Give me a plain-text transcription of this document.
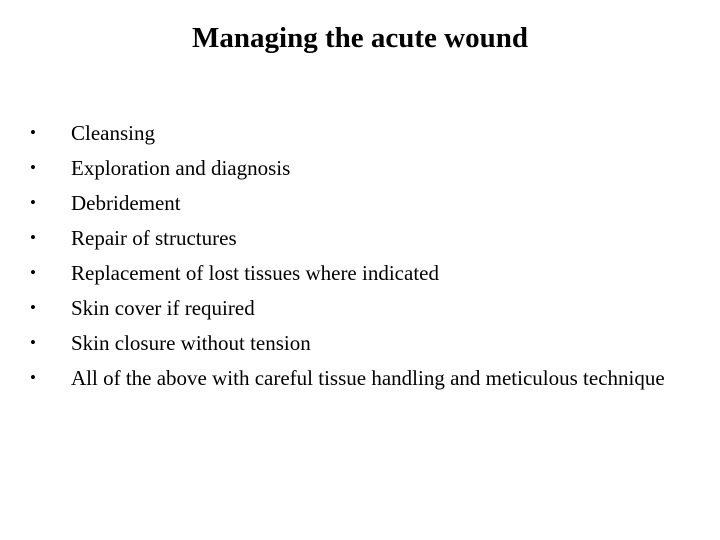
Managing the acute wound
•	Cleansing
•	Exploration and diagnosis
•	Debridement
•	Repair of structures
•	Replacement of lost tissues where indicated
•	Skin cover if required
•	Skin closure without tension
•	All of the above with careful tissue handling and meticulous technique
